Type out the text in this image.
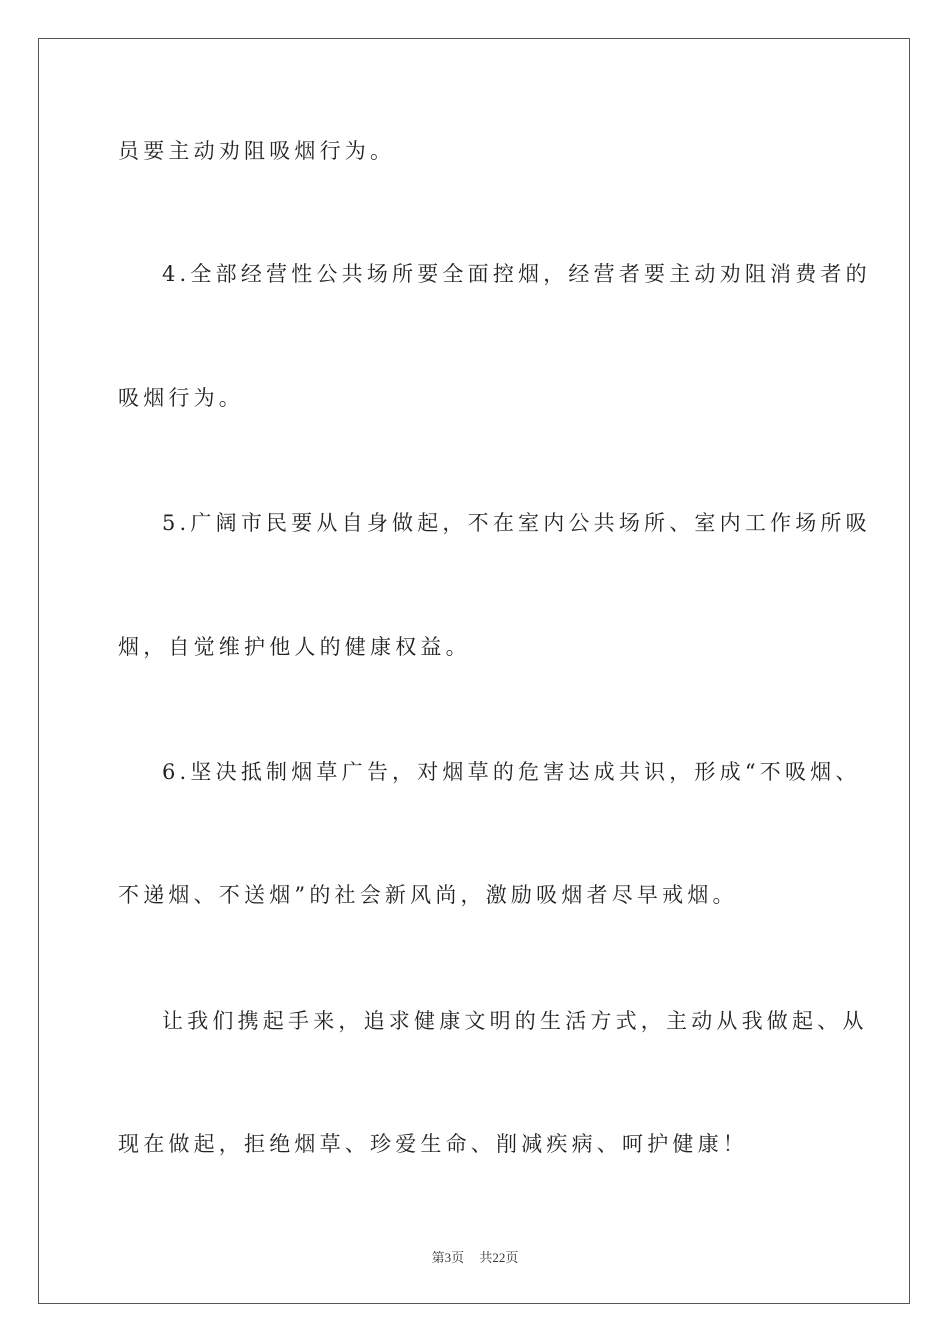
员要主动劝阻吸烟行为。

4.全部经营性公共场所要全面控烟，经营者要主动劝阻消费者的

吸烟行为。

5.广阔市民要从自身做起，不在室内公共场所、室内工作场所吸

烟，自觉维护他人的健康权益。

6.坚决抵制烟草广告，对烟草的危害达成共识，形成“不吸烟、

不递烟、不送烟”的社会新风尚，激励吸烟者尽早戒烟。

让我们携起手来，追求健康文明的生活方式，主动从我做起、从

现在做起，拒绝烟草、珍爱生命、削减疾病、呵护健康！

第3页 共22页
